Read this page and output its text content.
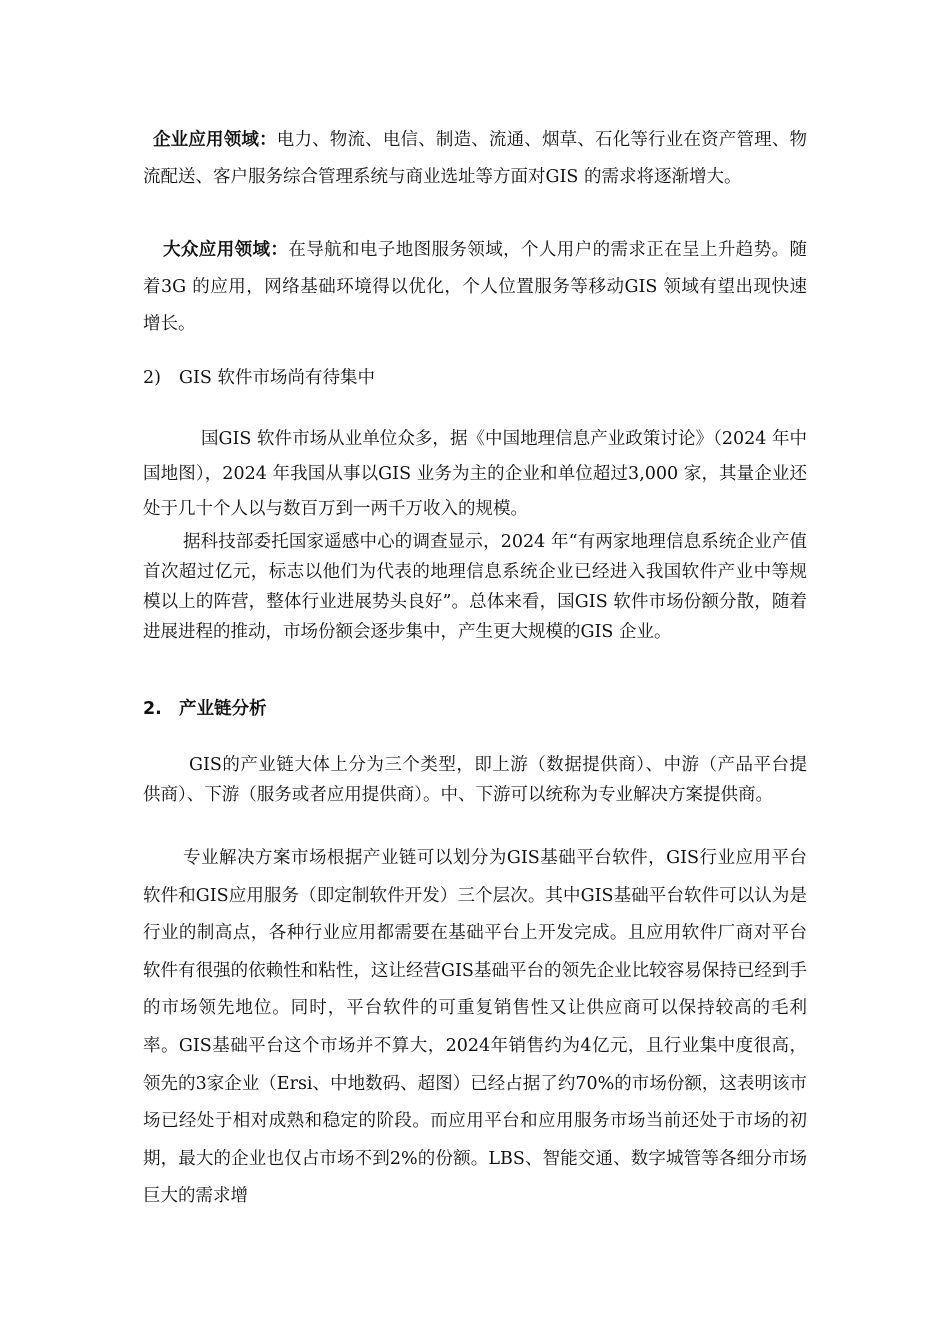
企业应用领域：电力、物流、电信、制造、流通、烟草、石化等行业在资产管理、物流配送、客户服务综合管理系统与商业选址等方面对GIS 的需求将逐渐增大。

大众应用领域：在导航和电子地图服务领域，个人用户的需求正在呈上升趋势。随着3G 的应用，网络基础环境得以优化，个人位置服务等移动GIS 领域有望出现快速增长。

2) GIS 软件市场尚有待集中

国GIS 软件市场从业单位众多，据《中国地理信息产业政策讨论》（2024 年中国地图），2024 年我国从事以GIS 业务为主的企业和单位超过3,000 家，其量企业还处于几十个人以与数百万到一两千万收入的规模。

据科技部委托国家遥感中心的调查显示，2024 年“有两家地理信息系统企业产值首次超过亿元，标志以他们为代表的地理信息系统企业已经进入我国软件产业中等规模以上的阵营，整体行业进展势头良好”。总体来看，国GIS 软件市场份额分散，随着进展进程的推动，市场份额会逐步集中，产生更大规模的GIS 企业。

2. 产业链分析

GIS的产业链大体上分为三个类型，即上游（数据提供商）、中游（产品平台提供商）、下游（服务或者应用提供商）。中、下游可以统称为专业解决方案提供商。

专业解决方案市场根据产业链可以划分为GIS基础平台软件，GIS行业应用平台软件和GIS应用服务（即定制软件开发）三个层次。其中GIS基础平台软件可以认为是行业的制高点，各种行业应用都需要在基础平台上开发完成。且应用软件厂商对平台软件有很强的依赖性和粘性，这让经营GIS基础平台的领先企业比较容易保持已经到手的市场领先地位。同时，平台软件的可重复销售性又让供应商可以保持较高的毛利率。GIS基础平台这个市场并不算大，2024年销售约为4亿元，且行业集中度很高，领先的3家企业（Ersi、中地数码、超图）已经占据了约70%的市场份额，这表明该市场已经处于相对成熟和稳定的阶段。而应用平台和应用服务市场当前还处于市场的初期，最大的企业也仅占市场不到2%的份额。LBS、智能交通、数字城管等各细分市场巨大的需求增
